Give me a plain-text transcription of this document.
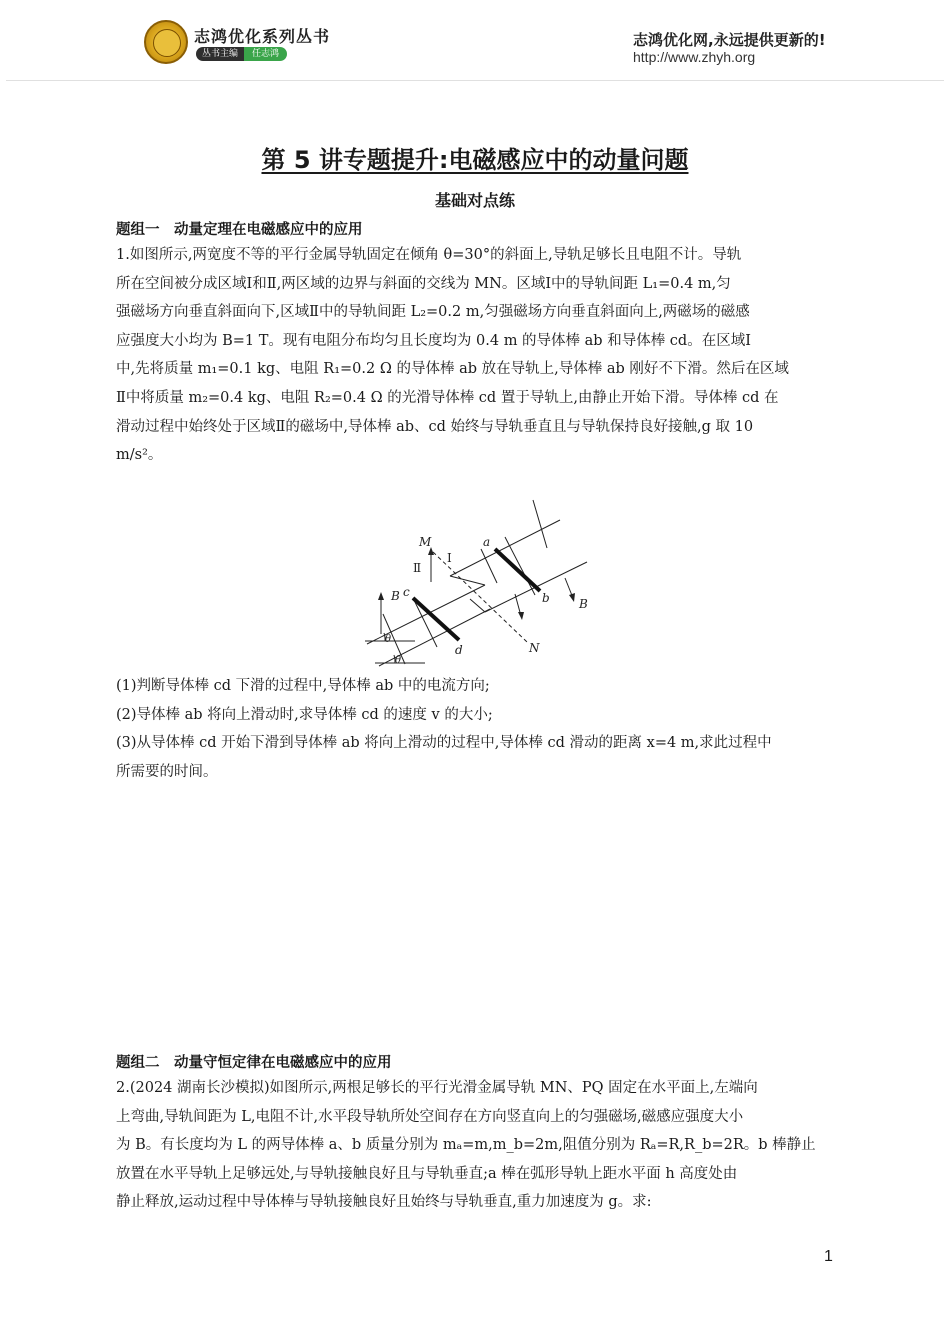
志鸿优化系列丛书
丛书主编	任志鸿
志鸿优化网,永远提供更新的!
http://www.zhyh.org
第 5 讲专题提升:电磁感应中的动量问题
基础对点练
题组一　动量定理在电磁感应中的应用

1.如图所示,两宽度不等的平行金属导轨固定在倾角 θ=30°的斜面上,导轨足够长且电阻不计。导轨

所在空间被分成区域Ⅰ和Ⅱ,两区域的边界与斜面的交线为 MN。区域Ⅰ中的导轨间距 L₁=0.4 m,匀

强磁场方向垂直斜面向下,区域Ⅱ中的导轨间距 L₂=0.2 m,匀强磁场方向垂直斜面向上,两磁场的磁感

应强度大小均为 B=1 T。现有电阻分布均匀且长度均为 0.4 m 的导体棒 ab 和导体棒 cd。在区域Ⅰ

中,先将质量 m₁=0.1 kg、电阻 R₁=0.2 Ω 的导体棒 ab 放在导轨上,导体棒 ab 刚好不下滑。然后在区域

Ⅱ中将质量 m₂=0.4 kg、电阻 R₂=0.4 Ω 的光滑导体棒 cd 置于导轨上,由静止开始下滑。导体棒 cd 在

滑动过程中始终处于区域Ⅱ的磁场中,导体棒 ab、cd 始终与导轨垂直且与导轨保持良好接触,g 取 10

m/s²。

M
N
Ⅰ
Ⅱ
a
b
c
d
B
B
θ
θ

(1)判断导体棒 cd 下滑的过程中,导体棒 ab 中的电流方向;

(2)导体棒 ab 将向上滑动时,求导体棒 cd 的速度 v 的大小;

(3)从导体棒 cd 开始下滑到导体棒 ab 将向上滑动的过程中,导体棒 cd 滑动的距离 x=4 m,求此过程中

所需要的时间。

题组二　动量守恒定律在电磁感应中的应用

2.(2024 湖南长沙模拟)如图所示,两根足够长的平行光滑金属导轨 MN、PQ 固定在水平面上,左端向

上弯曲,导轨间距为 L,电阻不计,水平段导轨所处空间存在方向竖直向上的匀强磁场,磁感应强度大小

为 B。有长度均为 L 的两导体棒 a、b 质量分别为 mₐ=m,m_b=2m,阻值分别为 Rₐ=R,R_b=2R。b 棒静止

放置在水平导轨上足够远处,与导轨接触良好且与导轨垂直;a 棒在弧形导轨上距水平面 h 高度处由

静止释放,运动过程中导体棒与导轨接触良好且始终与导轨垂直,重力加速度为 g。求:

1
